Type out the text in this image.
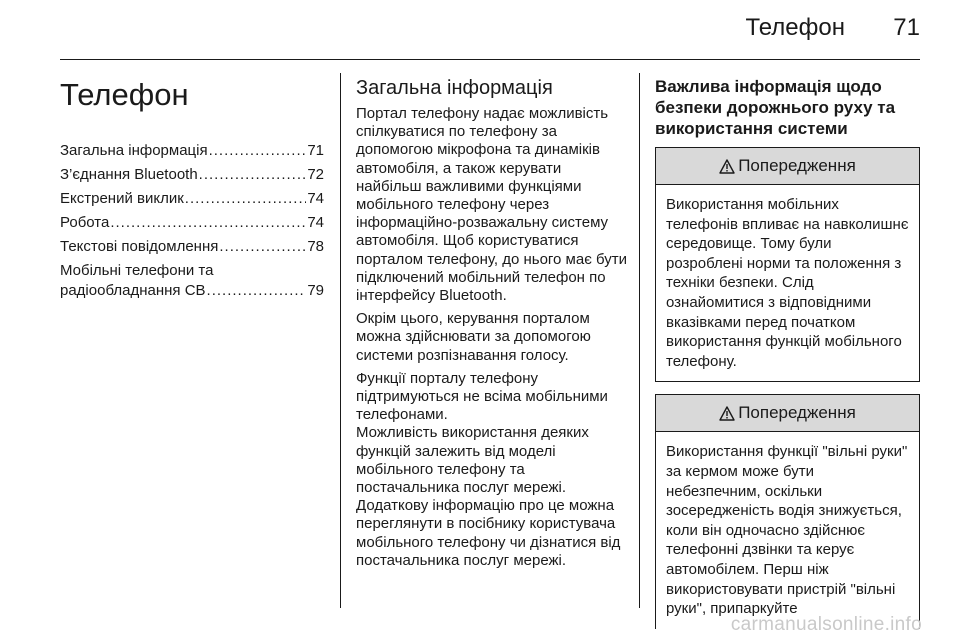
Телефон 71
Телефон
Загальна інформація .....	71
З’єднання Bluetooth .....	72
Екстрений виклик .....	74
Робота .....	74
Текстові повідомлення .....	78
Мобільні телефони та
радіообладнання CB .....	79
Загальна інформація

Портал телефону надає можливість спілкуватися по телефону за допомогою мікрофона та динаміків автомобіля, а також керувати найбільш важливими функціями мобільного телефону через інформаційно-розважальну систему автомобіля. Щоб користуватися порталом телефону, до нього має бути підключений мобільний телефон по інтерфейсу Bluetooth.

Окрім цього, керування порталом можна здійснювати за допомогою системи розпізнавання голосу.

Функції порталу телефону підтримуються не всіма мобільними телефонами.

Можливість використання деяких функцій залежить від моделі мобільного телефону та постачальника послуг мережі. Додаткову інформацію про це можна переглянути в посібнику користувача мобільного телефону чи дізнатися від постачальника послуг мережі.

Важлива інформація щодо безпеки дорожнього руху та використання системи
Попередження
Використання мобільних телефонів впливає на навколишнє середовище. Тому були розроблені норми та положення з техніки безпеки. Слід ознайомитися з відповідними вказівками перед початком використання функцій мобільного телефону.
Попередження
Використання функції "вільні руки" за кермом може бути небезпечним, оскільки зосередженість водія знижується, коли він одночасно здійснює телефонні дзвінки та керує автомобілем. Перш ніж використовувати пристрій "вільні руки", припаркуйте
carmanualsonline.info
